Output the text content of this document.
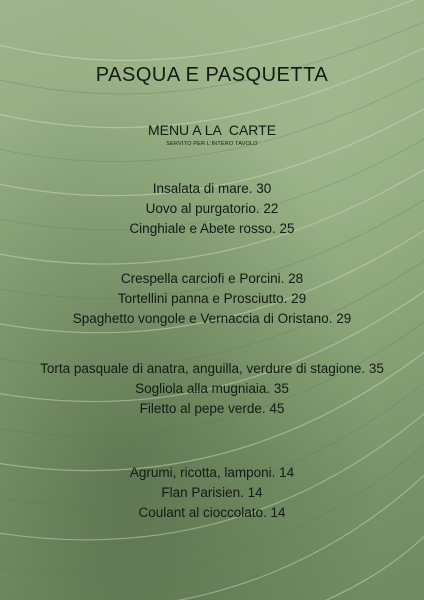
PASQUA E PASQUETTA
MENU A LA  CARTE
SERVITO PER L'INTERO TAVOLO
Insalata di mare. 30
Uovo al purgatorio. 22
Cinghiale e Abete rosso. 25
Crespella carciofi e Porcini. 28
Tortellini panna e Prosciutto. 29
Spaghetto vongole e Vernaccia di Oristano. 29
Torta pasquale di anatra, anguilla, verdure di stagione. 35
Sogliola alla mugniaia. 35
Filetto al pepe verde. 45
Agrumi, ricotta, lamponi. 14
Flan Parisien. 14
Coulant al cioccolato. 14
